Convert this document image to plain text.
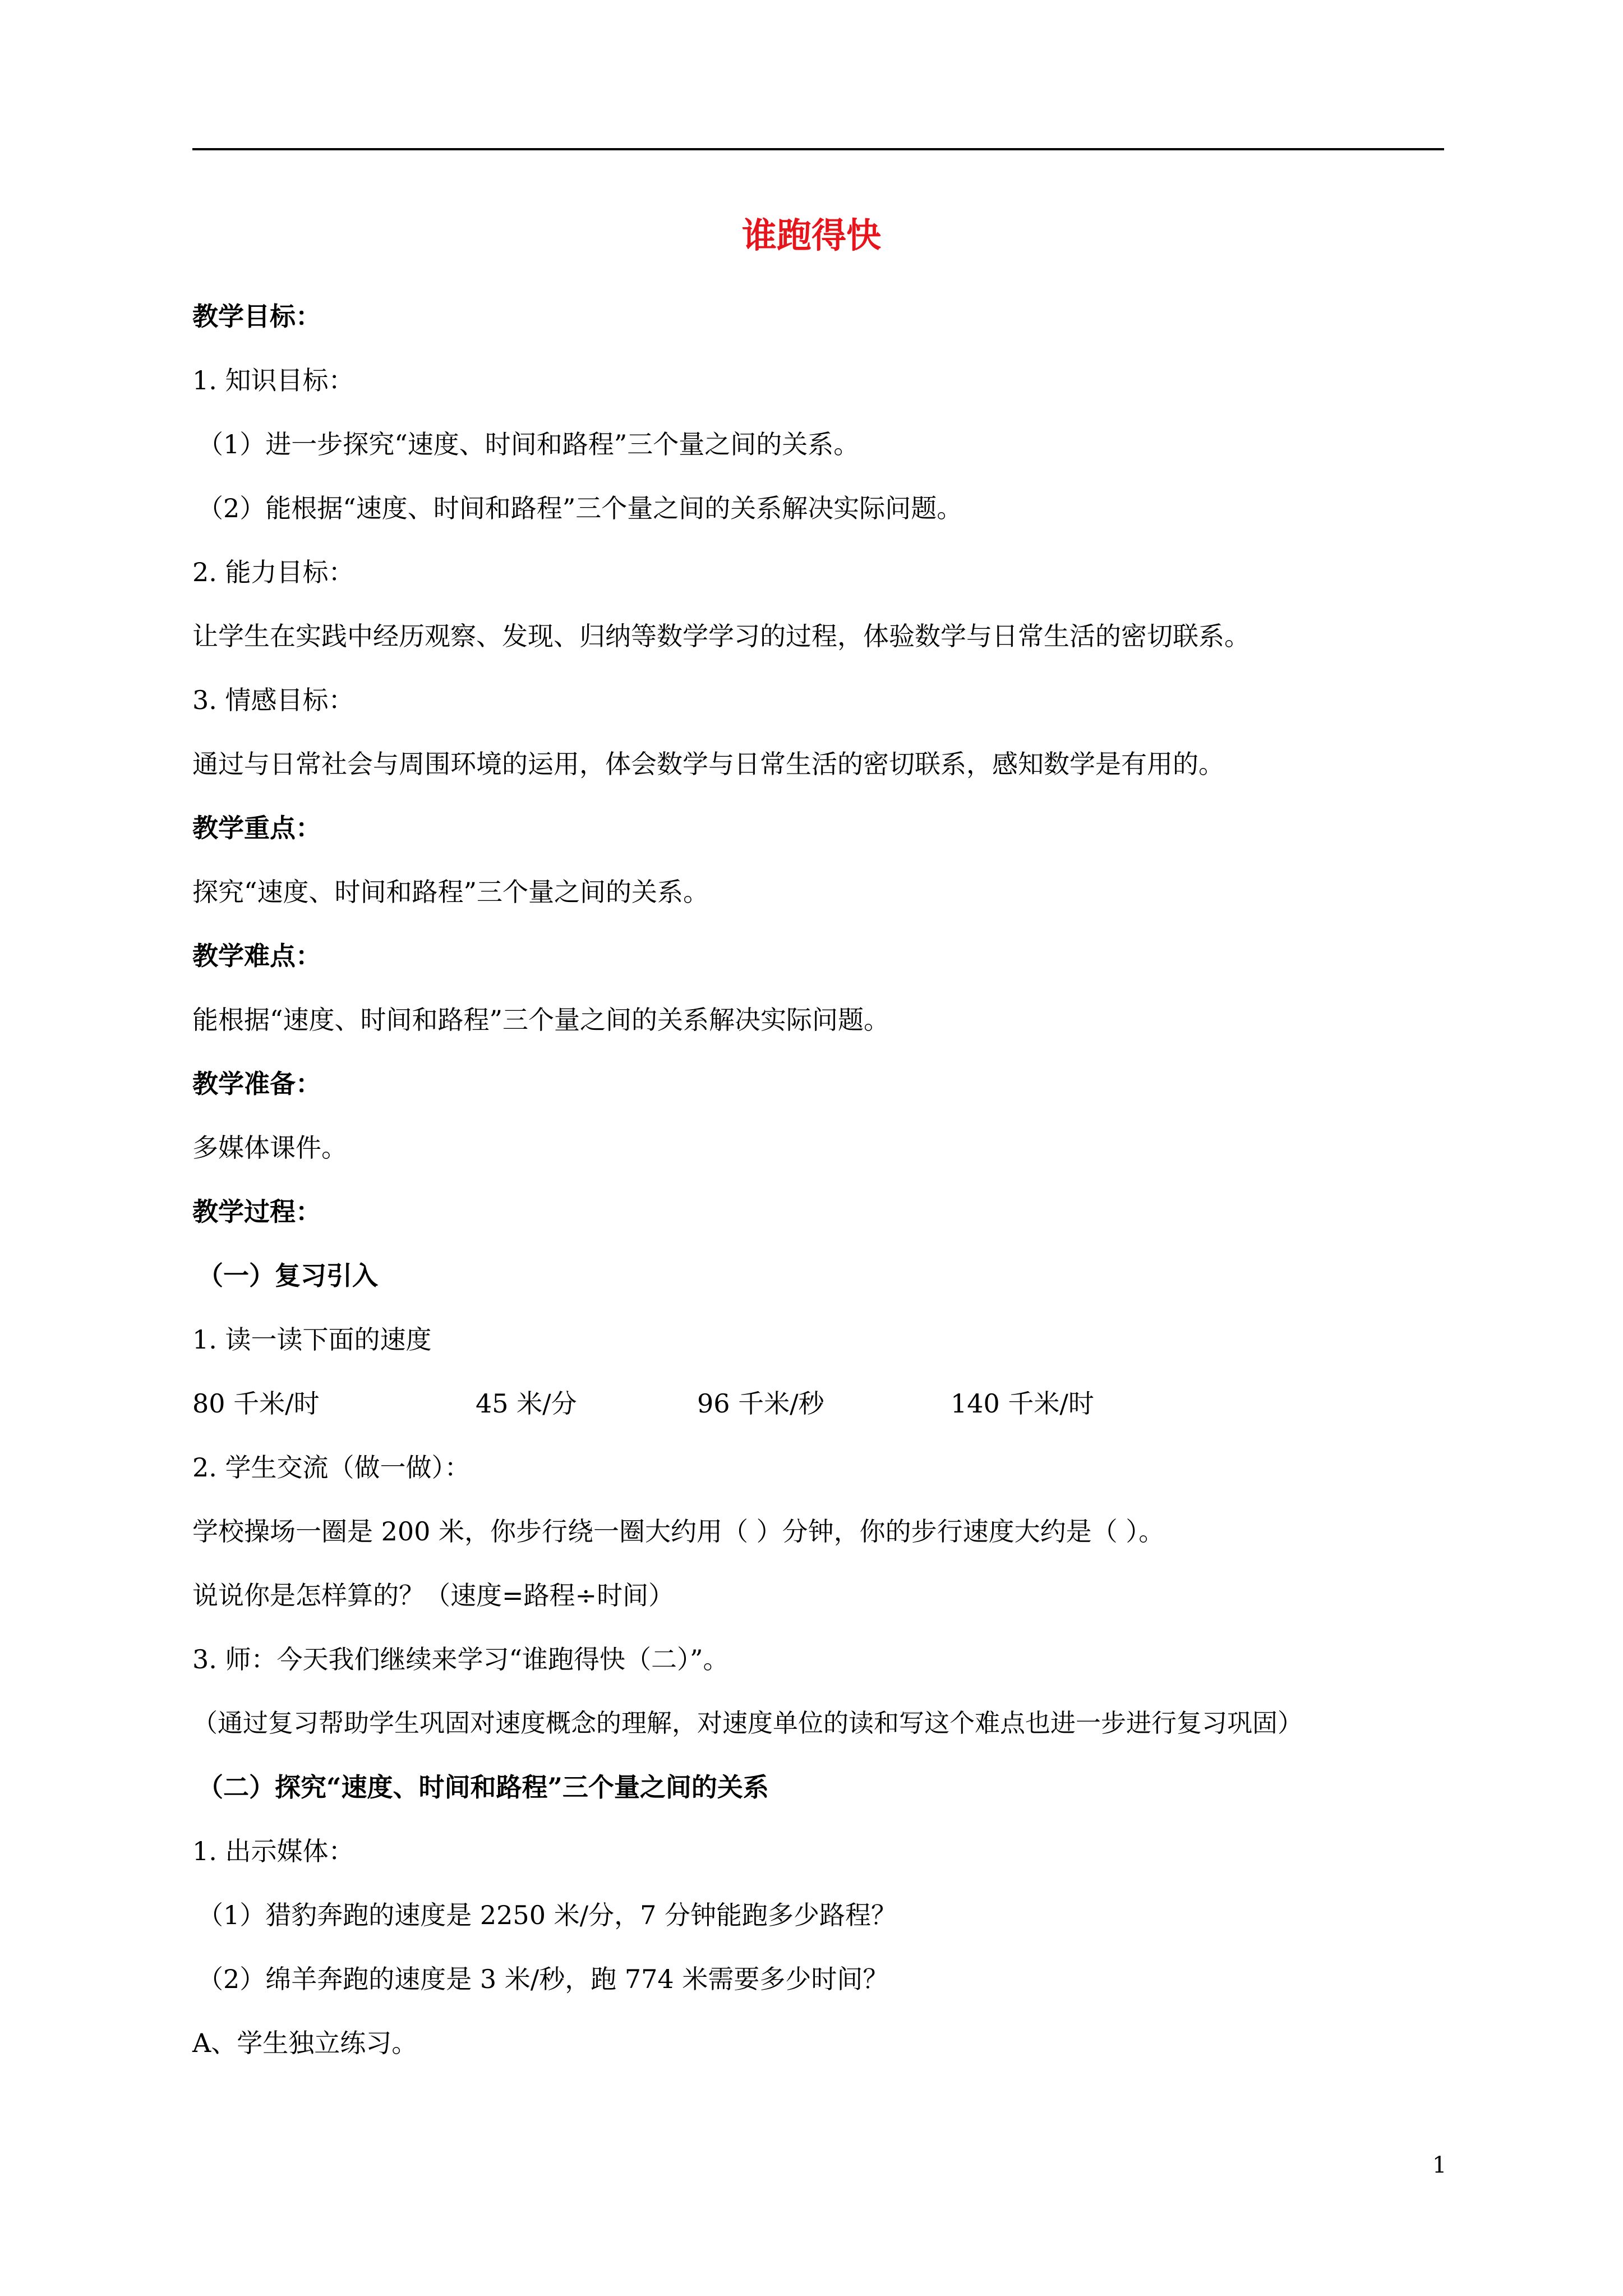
谁跑得快
教学目标：
1. 知识目标：
（1）进一步探究“速度、时间和路程”三个量之间的关系。
（2）能根据“速度、时间和路程”三个量之间的关系解决实际问题。
2. 能力目标：
让学生在实践中经历观察、发现、归纳等数学学习的过程，体验数学与日常生活的密切联系。
3. 情感目标：
通过与日常社会与周围环境的运用，体会数学与日常生活的密切联系，感知数学是有用的。
教学重点：
探究“速度、时间和路程”三个量之间的关系。
教学难点：
能根据“速度、时间和路程”三个量之间的关系解决实际问题。
教学准备：
多媒体课件。
教学过程：
（一）复习引入
1. 读一读下面的速度
80 千米/时	45 米/分	96 千米/秒	140 千米/时
2. 学生交流（做一做）：
学校操场一圈是 200 米，你步行绕一圈大约用（ ）分钟，你的步行速度大约是（ ）。
说说你是怎样算的？（速度=路程÷时间）
3. 师：今天我们继续来学习“谁跑得快（二）”。
（通过复习帮助学生巩固对速度概念的理解，对速度单位的读和写这个难点也进一步进行复习巩固）
（二）探究“速度、时间和路程”三个量之间的关系
1. 出示媒体：
（1）猎豹奔跑的速度是 2250 米/分，7 分钟能跑多少路程？
（2）绵羊奔跑的速度是 3 米/秒，跑 774 米需要多少时间？
A、学生独立练习。
1
